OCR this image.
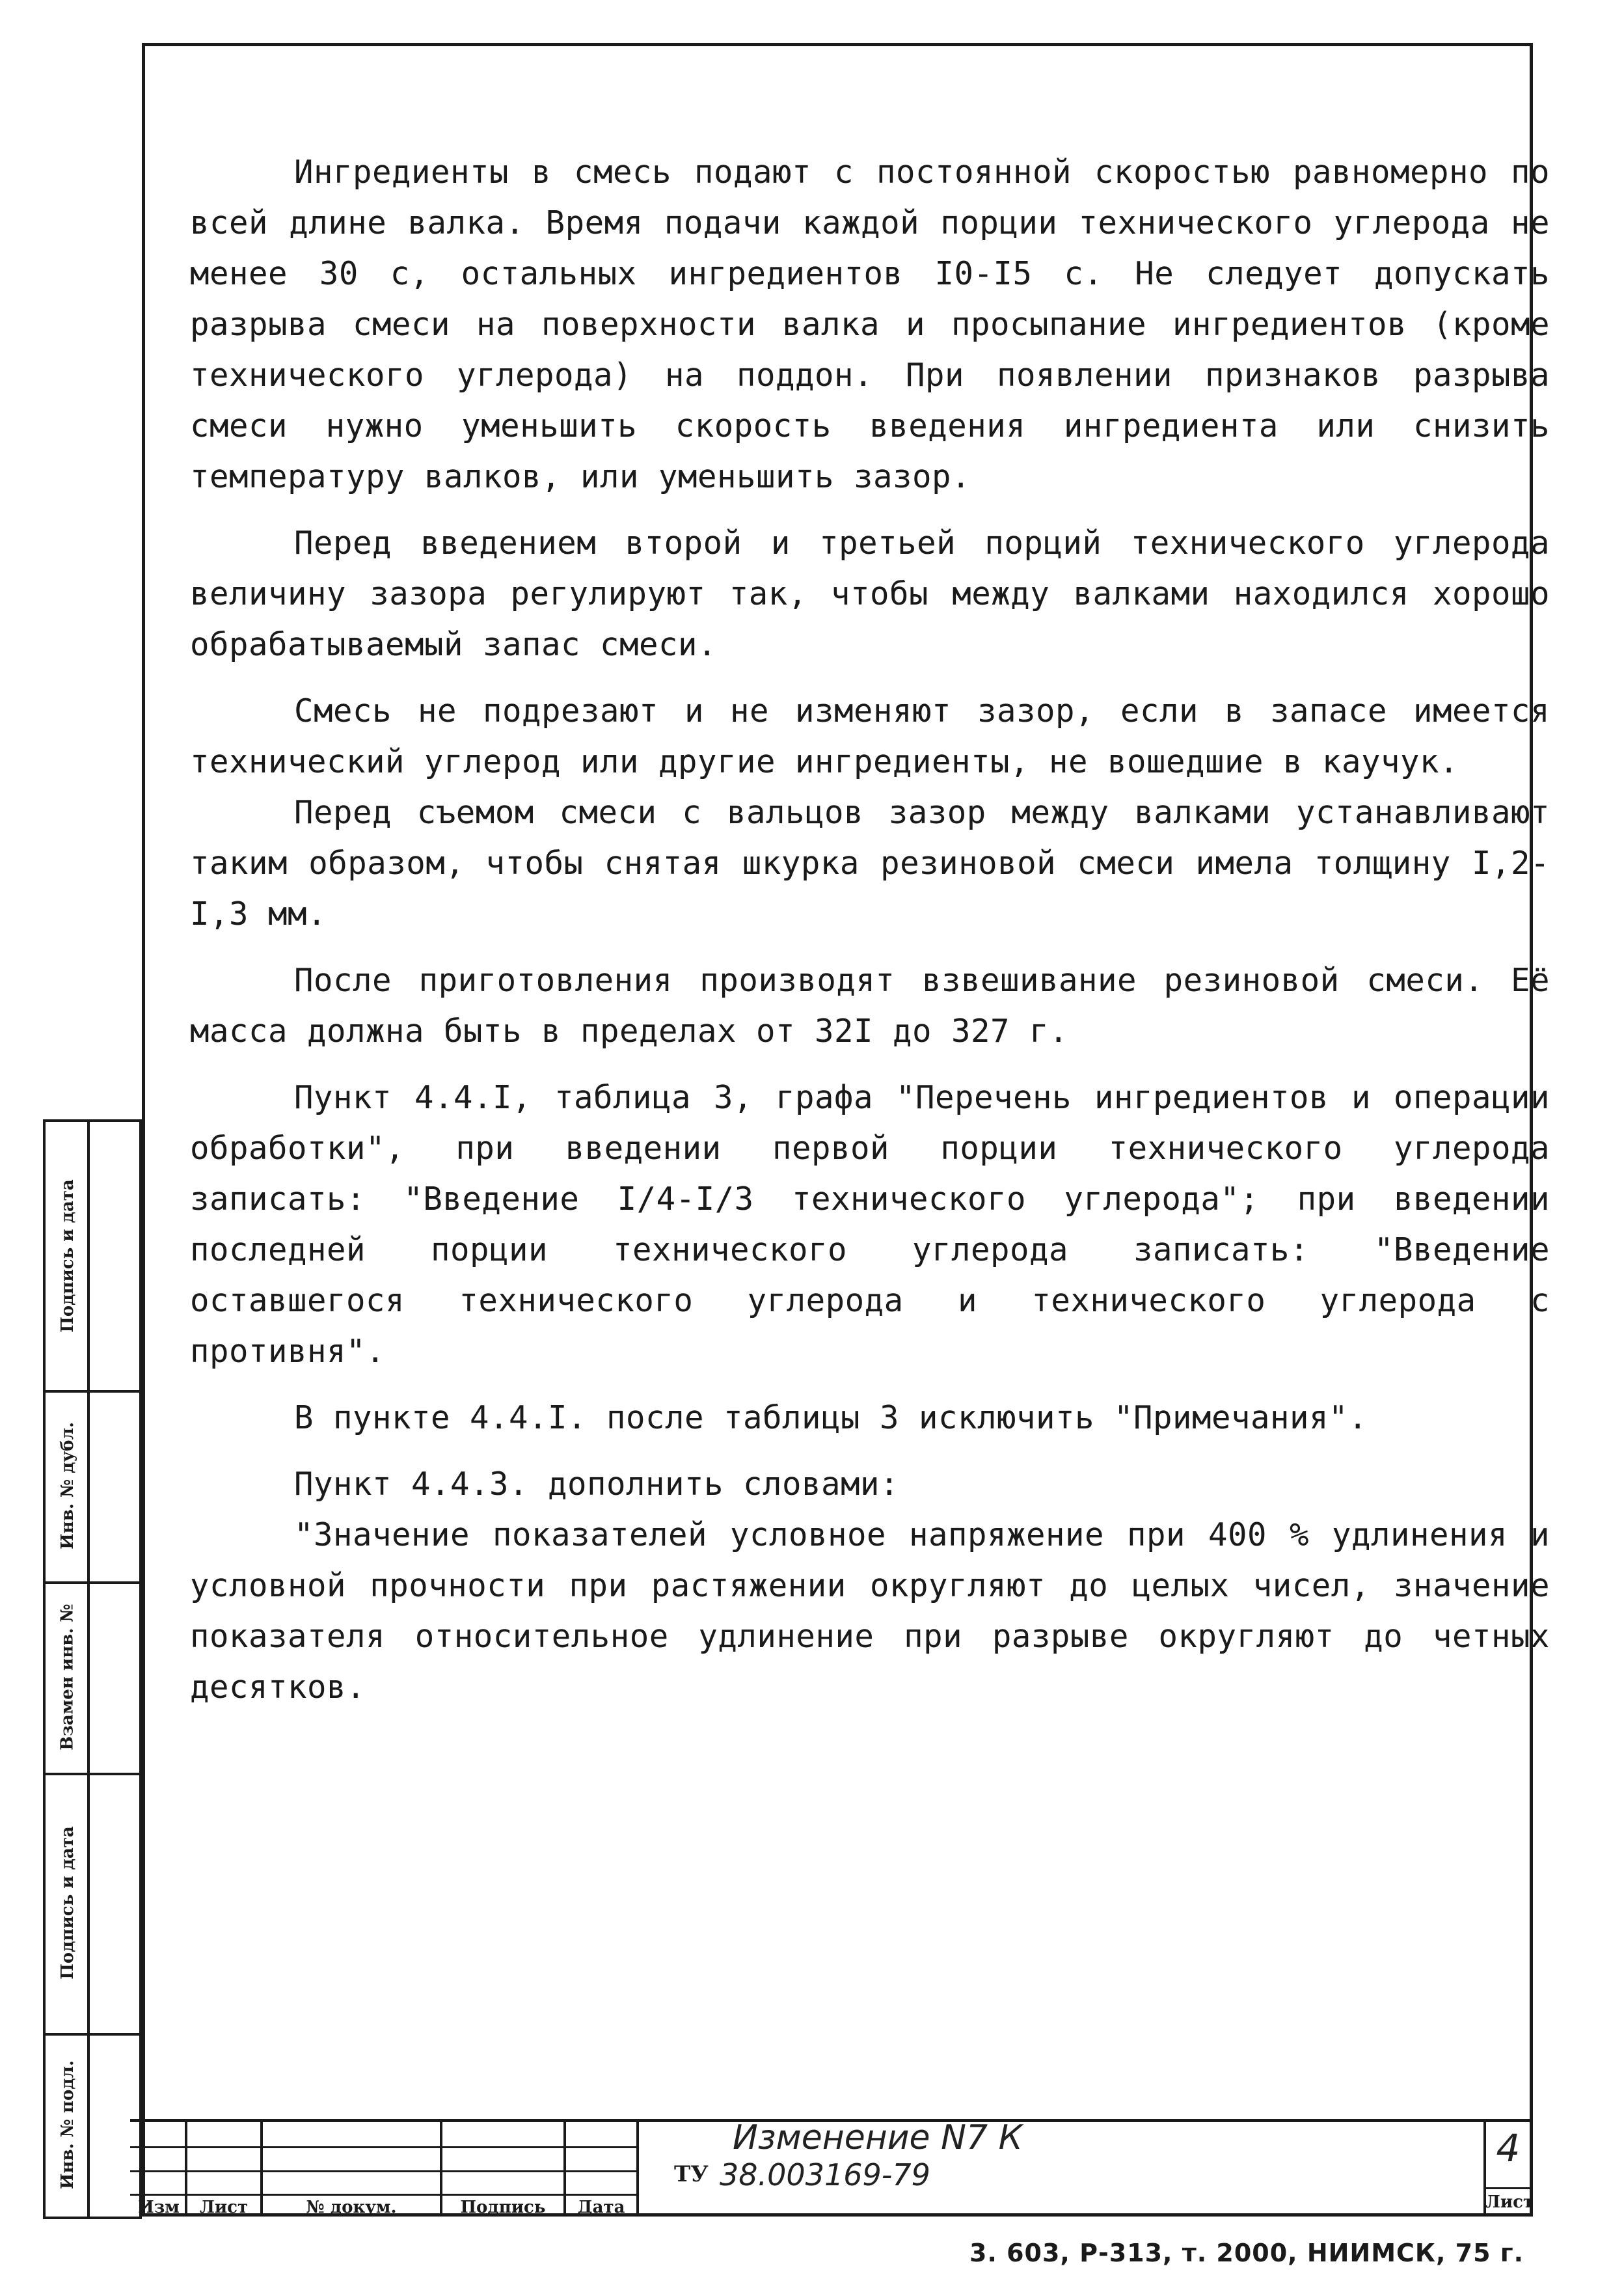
Ингредиенты в смесь подают с постоянной скоростью равномерно по всей длине валка. Время подачи каждой порции технического углерода не менее 30 с, остальных ингредиентов I0-I5 с. Не следует допускать разрыва смеси на поверхности валка и просыпание ингредиентов (кроме технического углерода) на поддон. При появлении признаков разрыва смеси нужно уменьшить скорость введения ингредиента или снизить температуру валков, или уменьшить зазор.

Перед введением второй и третьей порций технического углерода величину зазора регулируют так, чтобы между валками находился хорошо обрабатываемый запас смеси.

Смесь не подрезают и не изменяют зазор, если в запасе имеется технический углерод или другие ингредиенты, не вошедшие в каучук.

Перед съемом смеси с вальцов зазор между валками устанавливают таким образом, чтобы снятая шкурка резиновой смеси имела толщину I,2-I,3 мм.

После приготовления производят взвешивание резиновой смеси. Её масса должна быть в пределах от 32I до 327 г.

Пункт 4.4.I, таблица 3, графа "Перечень ингредиентов и операции обработки", при введении первой порции технического углерода записать: "Введение I/4-I/3 технического углерода"; при введении последней порции технического углерода записать: "Введение оставшегося технического углерода и технического углерода с противня".

В пункте 4.4.I. после таблицы 3 исключить "Примечания".

Пункт 4.4.3. дополнить словами:

"Значение показателей условное напряжение при 400 % удлинения и условной прочности при растяжении округляют до целых чисел, значение показателя относительное удлинение при разрыве округляют до четных десятков.

Подпись и дата
Инв. № дубл.
Взамен инв. №
Подпись и дата
Инв. № подл.
Изм	Лист	№ докум.	Подпись	Дата
Изменение N7 К
ТУ 38.003169-79
4
Лист
3. 603, Р-313, т. 2000, НИИМСК, 75 г.
